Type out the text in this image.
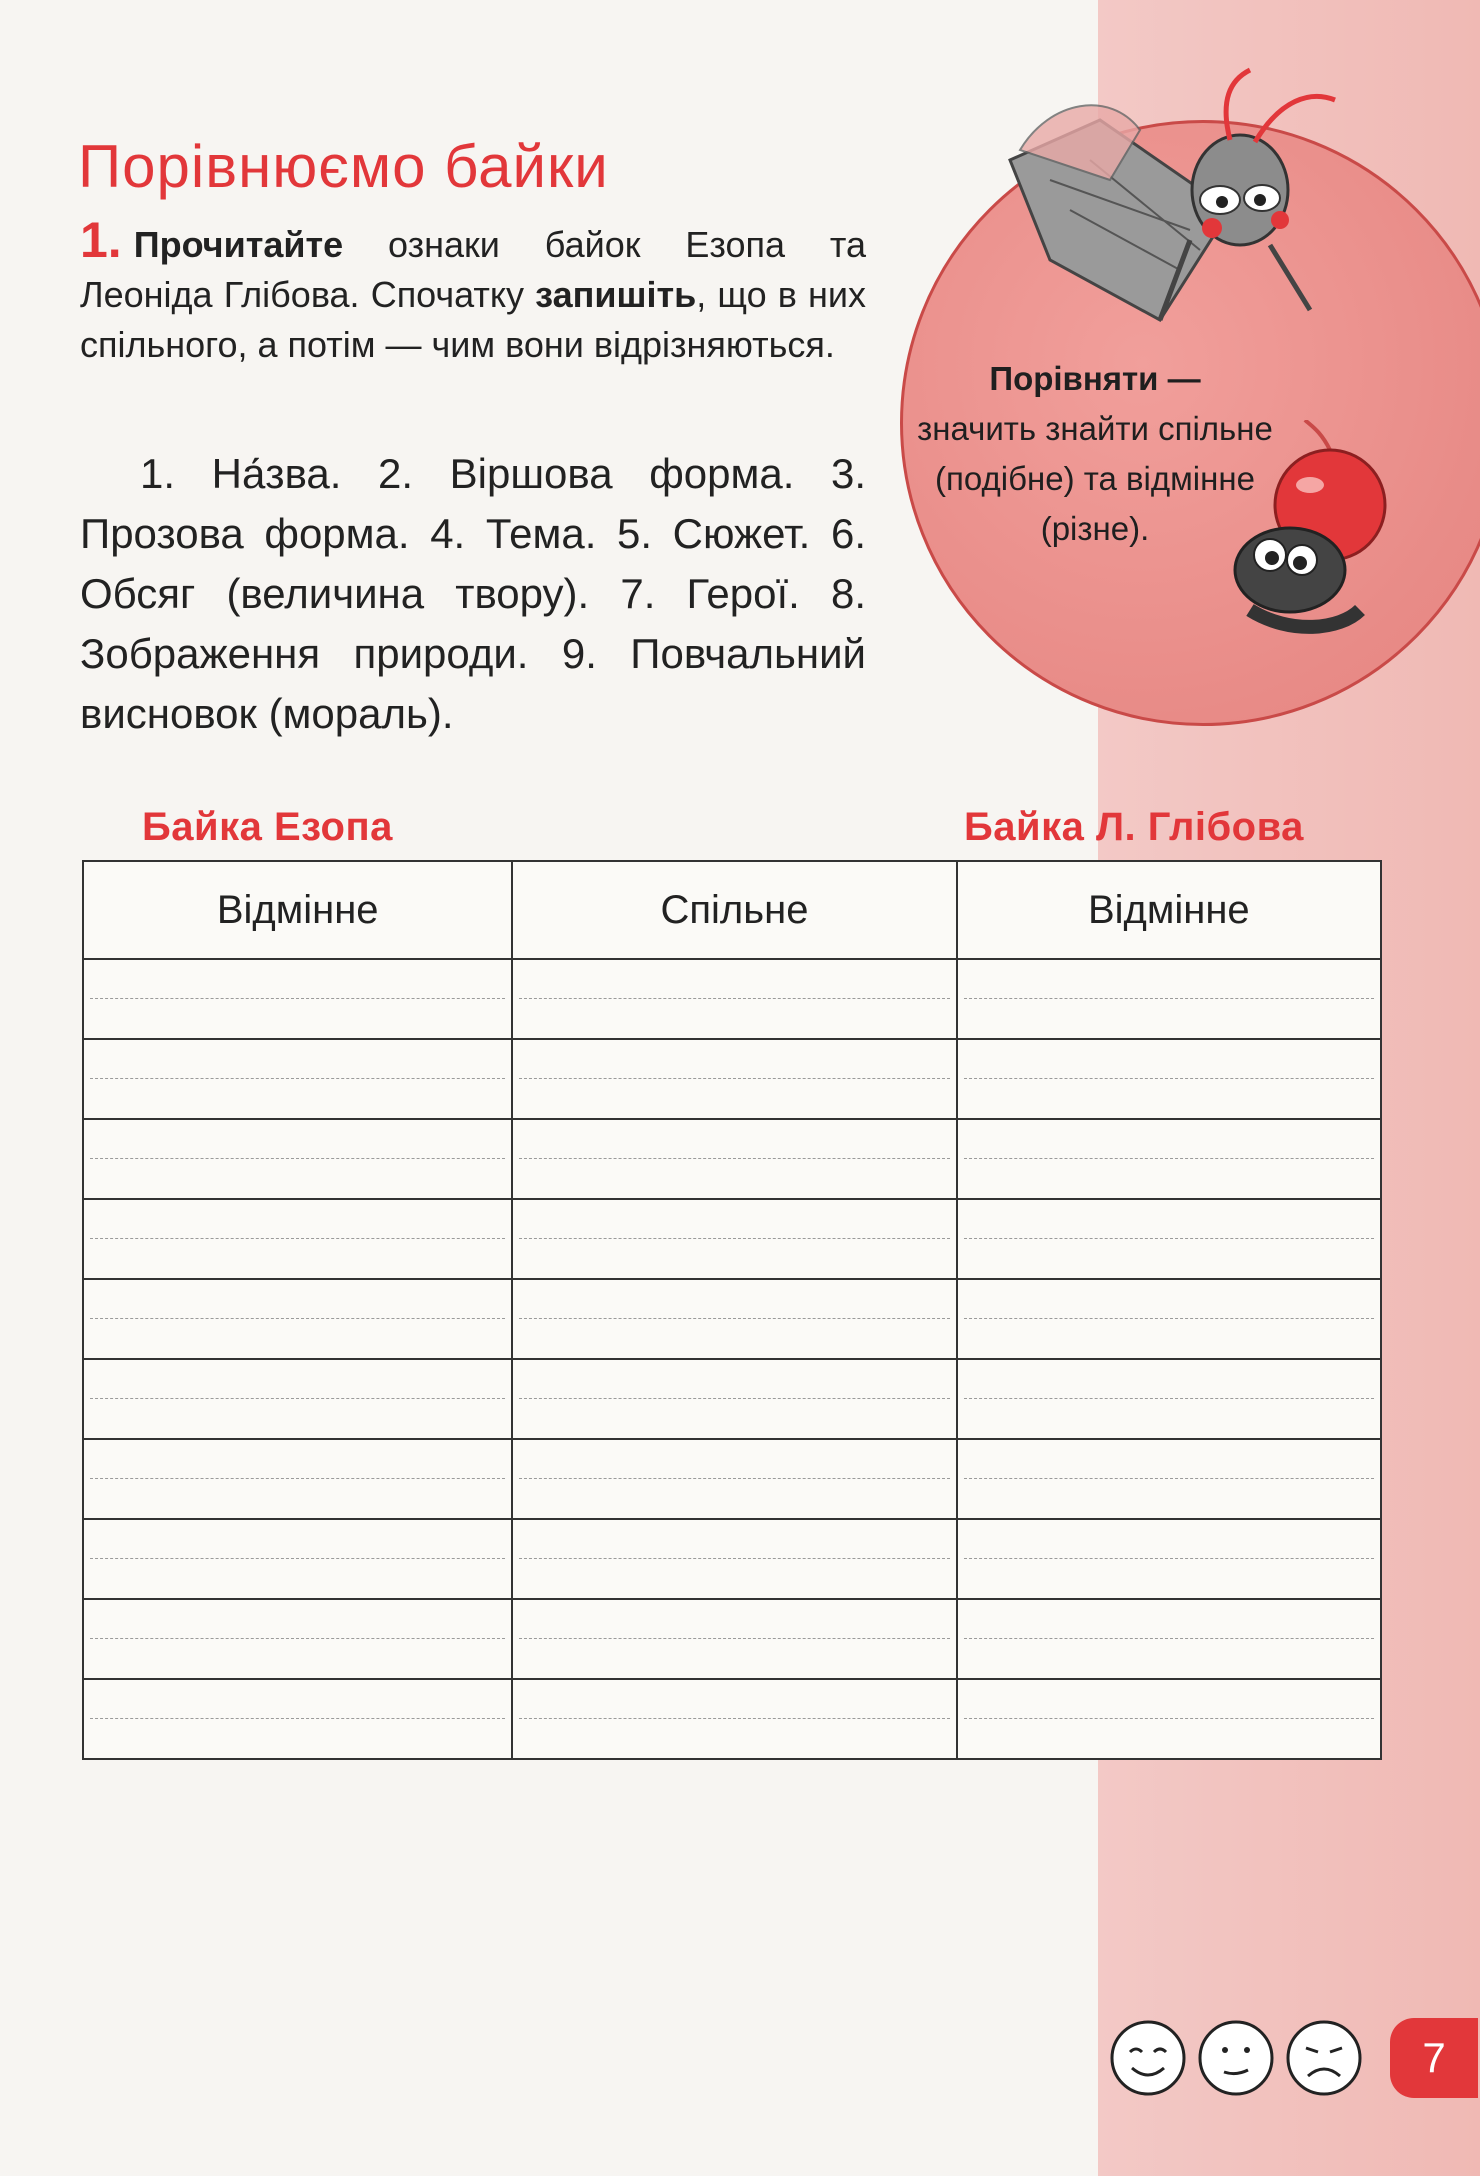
Порівнюємо байки
1. Прочитайте ознаки байок Езопа та Леоніда Глібова. Спочатку запишіть, що в них спільного, а потім — чим вони відрізняються.
1. На́зва. 2. Віршова форма. 3. Прозова форма. 4. Тема. 5. Сюжет. 6. Обсяг (величина твору). 7. Герої. 8. Зображення природи. 9. Повчальний висновок (мораль).
Порівняти —
значить знайти спільне (подібне) та відмінне (різне).
Байка Езопа	Байка Л. Глібова
Відмінне	Спільне	Відмінне

7
